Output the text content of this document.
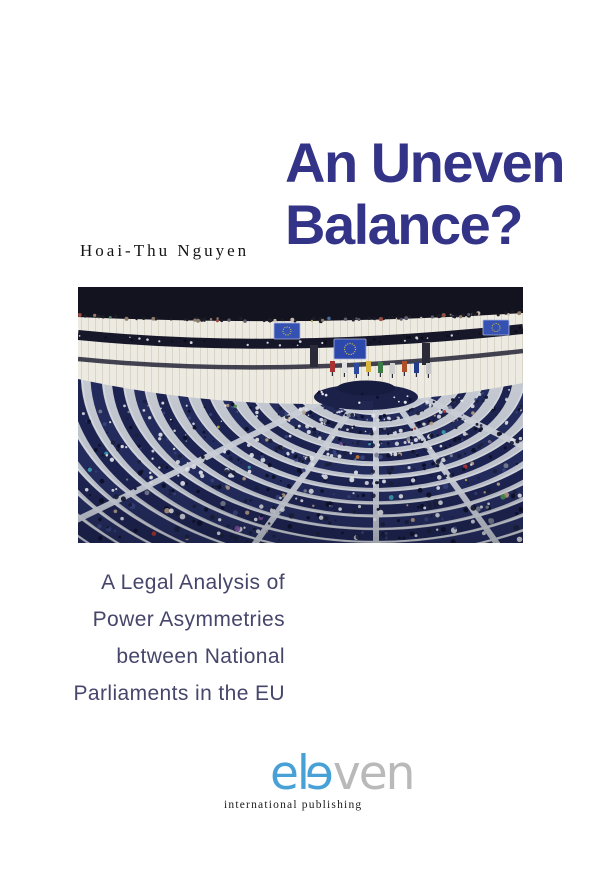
An Uneven
Balance?
Hoai-Thu Nguyen
A Legal Analysis of
Power Asymmetries
between National
Parliaments in the EU
eleven
international publishing
